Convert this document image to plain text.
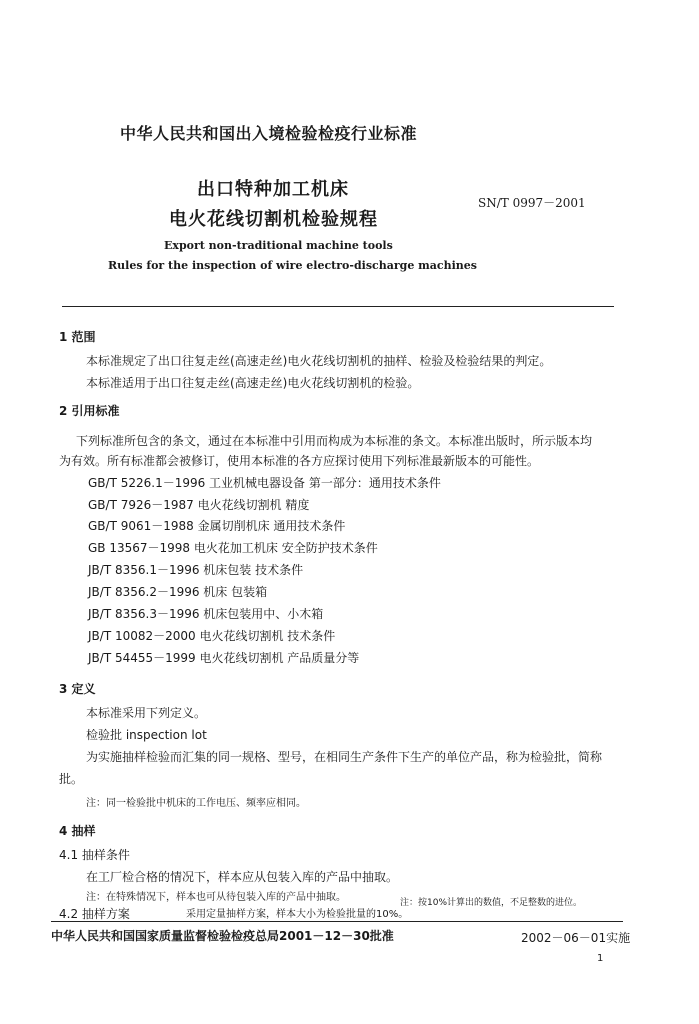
中华人民共和国出入境检验检疫行业标准
出口特种加工机床
电火花线切割机检验规程
SN/T 0997－2001
Export non-traditional machine tools
Rules for the inspection of wire electro-discharge machines
1 范围
本标准规定了出口往复走丝(高速走丝)电火花线切割机的抽样、检验及检验结果的判定。
本标准适用于出口往复走丝(高速走丝)电火花线切割机的检验。
2 引用标准
下列标准所包含的条文，通过在本标准中引用而构成为本标准的条文。本标准出版时，所示版本均
为有效。所有标准都会被修订，使用本标准的各方应探讨使用下列标准最新版本的可能性。
GB/T 5226.1－1996 工业机械电器设备 第一部分：通用技术条件
GB/T 7926－1987 电火花线切割机 精度
GB/T 9061－1988 金属切削机床 通用技术条件
GB 13567－1998 电火花加工机床 安全防护技术条件
JB/T 8356.1－1996 机床包装 技术条件
JB/T 8356.2－1996 机床 包装箱
JB/T 8356.3－1996 机床包装用中、小木箱
JB/T 10082－2000 电火花线切割机 技术条件
JB/T 54455－1999 电火花线切割机 产品质量分等
3 定义
本标准采用下列定义。
检验批 inspection lot
为实施抽样检验而汇集的同一规格、型号，在相同生产条件下生产的单位产品，称为检验批，简称
批。
注：同一检验批中机床的工作电压、频率应相同。
4 抽样
4.1 抽样条件
在工厂检合格的情况下，样本应从包装入库的产品中抽取。
注：在特殊情况下，样本也可从待包装入库的产品中抽取。
4.2 抽样方案
中华人民共和国国家质量监督检验检疫总局2001－12－30批准	2002－06－01实施
1
采用定量抽样方案，样本大小为检验批量的10%。
注：按10%计算出的数值，不足整数的进位。
